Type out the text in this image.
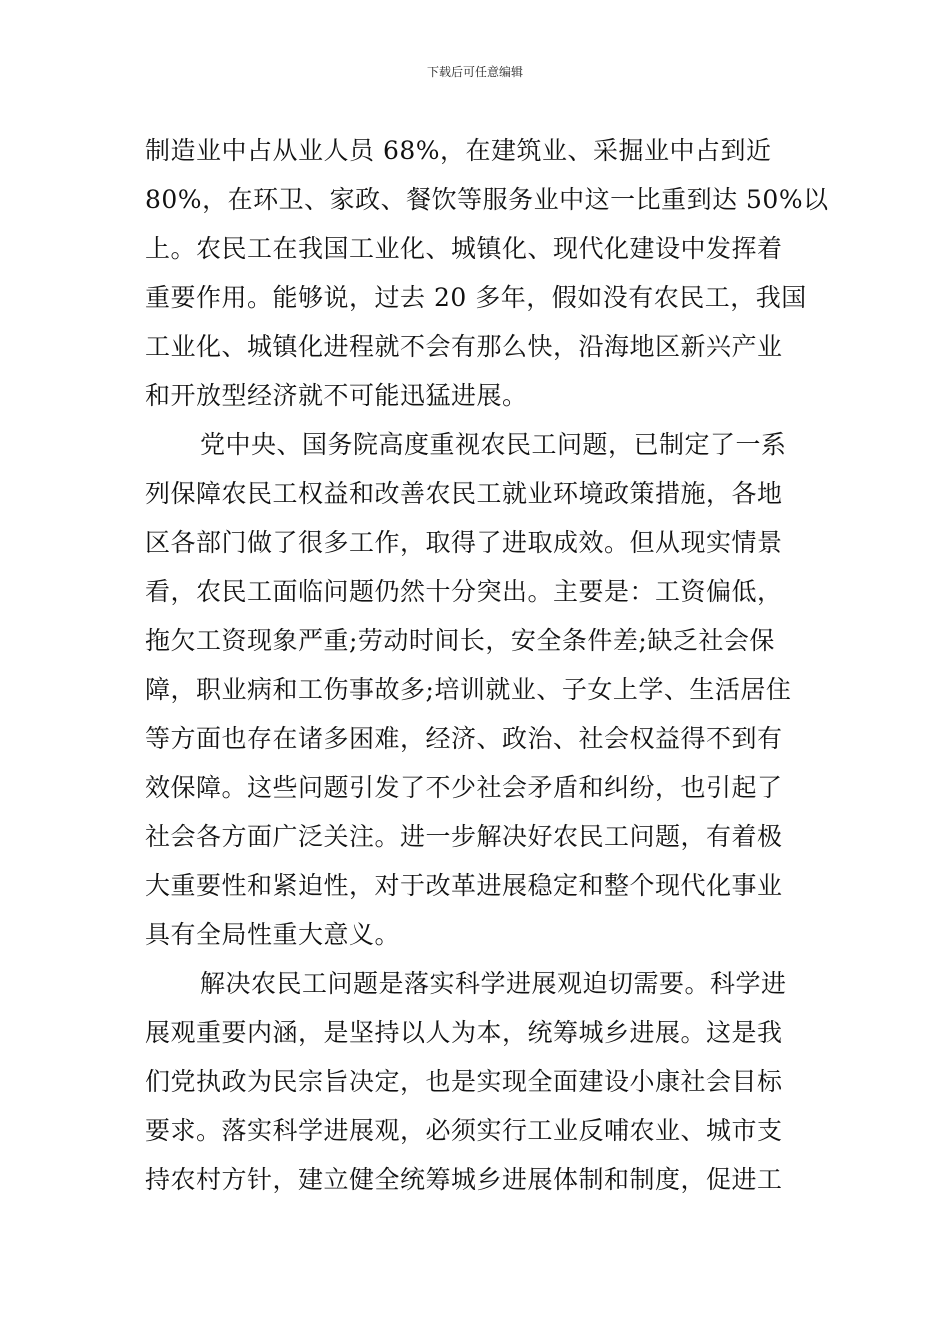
下载后可任意编辑
制造业中占从业人员 68%，在建筑业、采掘业中占到近
80%，在环卫、家政、餐饮等服务业中这一比重到达 50%以
上。农民工在我国工业化、城镇化、现代化建设中发挥着
重要作用。能够说，过去 20 多年，假如没有农民工，我国
工业化、城镇化进程就不会有那么快，沿海地区新兴产业
和开放型经济就不可能迅猛进展。
党中央、国务院高度重视农民工问题，已制定了一系
列保障农民工权益和改善农民工就业环境政策措施，各地
区各部门做了很多工作，取得了进取成效。但从现实情景
看，农民工面临问题仍然十分突出。主要是：工资偏低，
拖欠工资现象严重;劳动时间长，安全条件差;缺乏社会保
障，职业病和工伤事故多;培训就业、子女上学、生活居住
等方面也存在诸多困难，经济、政治、社会权益得不到有
效保障。这些问题引发了不少社会矛盾和纠纷，也引起了
社会各方面广泛关注。进一步解决好农民工问题，有着极
大重要性和紧迫性，对于改革进展稳定和整个现代化事业
具有全局性重大意义。
解决农民工问题是落实科学进展观迫切需要。科学进
展观重要内涵，是坚持以人为本，统筹城乡进展。这是我
们党执政为民宗旨决定，也是实现全面建设小康社会目标
要求。落实科学进展观，必须实行工业反哺农业、城市支
持农村方针，建立健全统筹城乡进展体制和制度，促进工
